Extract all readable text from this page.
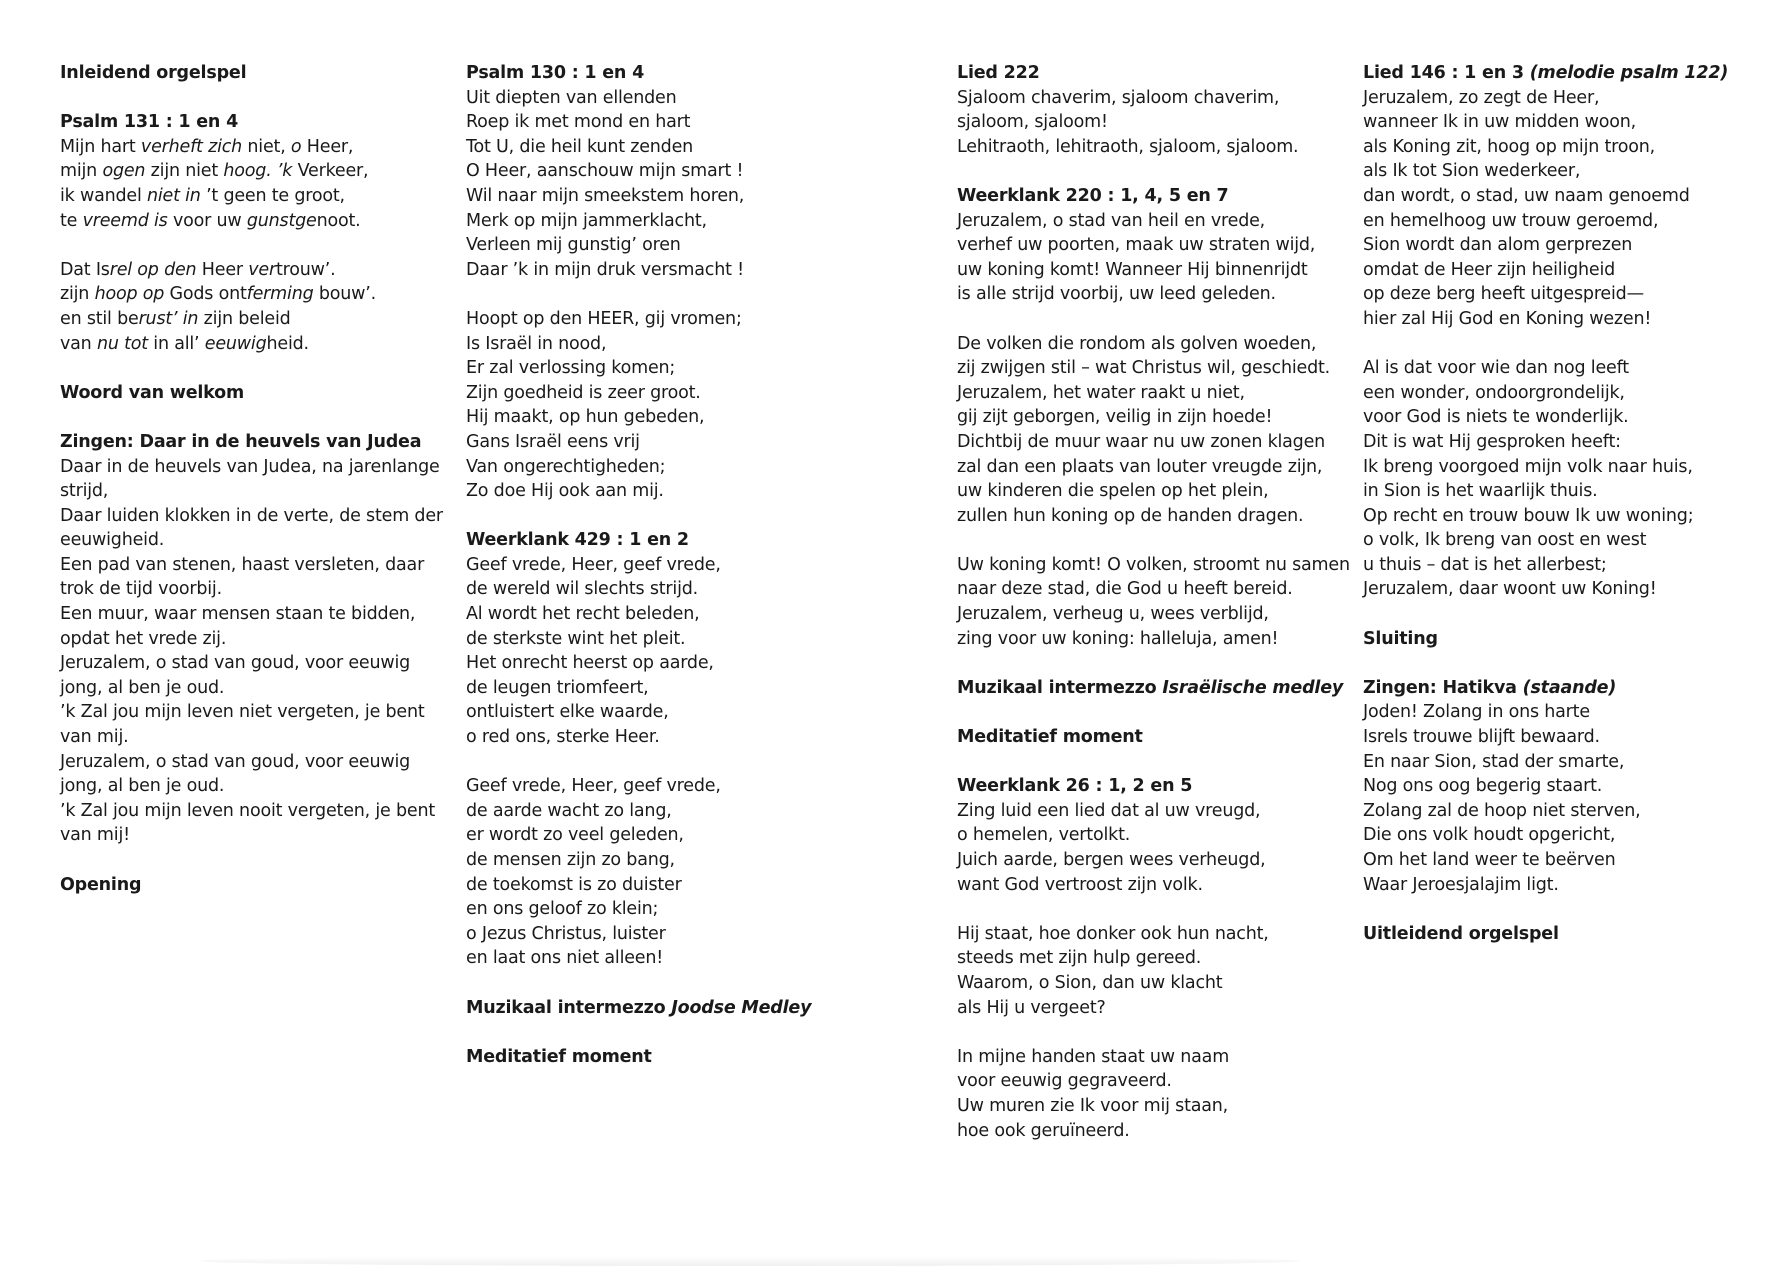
Inleidend orgelspel
Psalm 131 : 1 en 4
Mijn hart verheft zich niet, o Heer,
mijn ogen zijn niet hoog. ’k Verkeer,
ik wandel niet in ’t geen te groot,
te vreemd is voor uw gunstgenoot.
Dat Isrel op den Heer vertrouw’.
zijn hoop op Gods ontferming bouw’.
en stil berust’ in zijn beleid
van nu tot in all’ eeuwigheid.
Woord van welkom
Zingen: Daar in de heuvels van Judea
Daar in de heuvels van Judea, na jarenlange
strijd,
Daar luiden klokken in de verte, de stem der
eeuwigheid.
Een pad van stenen, haast versleten, daar
trok de tijd voorbij.
Een muur, waar mensen staan te bidden,
opdat het vrede zij.
Jeruzalem, o stad van goud, voor eeuwig
jong, al ben je oud.
’k Zal jou mijn leven niet vergeten, je bent
van mij.
Jeruzalem, o stad van goud, voor eeuwig
jong, al ben je oud.
’k Zal jou mijn leven nooit vergeten, je bent
van mij!
Opening
Psalm 130 : 1 en 4
Uit diepten van ellenden
Roep ik met mond en hart
Tot U, die heil kunt zenden
O Heer, aanschouw mijn smart !
Wil naar mijn smeekstem horen,
Merk op mijn jammerklacht,
Verleen mij gunstig’ oren
Daar ’k in mijn druk versmacht !
Hoopt op den HEER, gij vromen;
Is Israël in nood,
Er zal verlossing komen;
Zijn goedheid is zeer groot.
Hij maakt, op hun gebeden,
Gans Israël eens vrij
Van ongerechtigheden;
Zo doe Hij ook aan mij.
Weerklank 429 : 1 en 2
Geef vrede, Heer, geef vrede,
de wereld wil slechts strijd.
Al wordt het recht beleden,
de sterkste wint het pleit.
Het onrecht heerst op aarde,
de leugen triomfeert,
ontluistert elke waarde,
o red ons, sterke Heer.
Geef vrede, Heer, geef vrede,
de aarde wacht zo lang,
er wordt zo veel geleden,
de mensen zijn zo bang,
de toekomst is zo duister
en ons geloof zo klein;
o Jezus Christus, luister
en laat ons niet alleen!
Muzikaal intermezzo Joodse Medley
Meditatief moment
Lied 222
Sjaloom chaverim, sjaloom chaverim,
sjaloom, sjaloom!
Lehitraoth, lehitraoth, sjaloom, sjaloom.
Weerklank 220 : 1, 4, 5 en 7
Jeruzalem, o stad van heil en vrede,
verhef uw poorten, maak uw straten wijd,
uw koning komt! Wanneer Hij binnenrijdt
is alle strijd voorbij, uw leed geleden.
De volken die rondom als golven woeden,
zij zwijgen stil – wat Christus wil, geschiedt.
Jeruzalem, het water raakt u niet,
gij zijt geborgen, veilig in zijn hoede!
Dichtbij de muur waar nu uw zonen klagen
zal dan een plaats van louter vreugde zijn,
uw kinderen die spelen op het plein,
zullen hun koning op de handen dragen.
Uw koning komt! O volken, stroomt nu samen
naar deze stad, die God u heeft bereid.
Jeruzalem, verheug u, wees verblijd,
zing voor uw koning: halleluja, amen!
Muzikaal intermezzo Israëlische medley
Meditatief moment
Weerklank 26 : 1, 2 en 5
Zing luid een lied dat al uw vreugd,
o hemelen, vertolkt.
Juich aarde, bergen wees verheugd,
want God vertroost zijn volk.
Hij staat, hoe donker ook hun nacht,
steeds met zijn hulp gereed.
Waarom, o Sion, dan uw klacht
als Hij u vergeet?
In mijne handen staat uw naam
voor eeuwig gegraveerd.
Uw muren zie Ik voor mij staan,
hoe ook geruïneerd.
Lied 146 : 1 en 3 (melodie psalm 122)
Jeruzalem, zo zegt de Heer,
wanneer Ik in uw midden woon,
als Koning zit, hoog op mijn troon,
als Ik tot Sion wederkeer,
dan wordt, o stad, uw naam genoemd
en hemelhoog uw trouw geroemd,
Sion wordt dan alom gerprezen
omdat de Heer zijn heiligheid
op deze berg heeft uitgespreid—
hier zal Hij God en Koning wezen!
Al is dat voor wie dan nog leeft
een wonder, ondoorgrondelijk,
voor God is niets te wonderlijk.
Dit is wat Hij gesproken heeft:
Ik breng voorgoed mijn volk naar huis,
in Sion is het waarlijk thuis.
Op recht en trouw bouw Ik uw woning;
o volk, Ik breng van oost en west
u thuis – dat is het allerbest;
Jeruzalem, daar woont uw Koning!
Sluiting
Zingen: Hatikva (staande)
Joden! Zolang in ons harte
Isrels trouwe blijft bewaard.
En naar Sion, stad der smarte,
Nog ons oog begerig staart.
Zolang zal de hoop niet sterven,
Die ons volk houdt opgericht,
Om het land weer te beërven
Waar Jeroesjalajim ligt.
Uitleidend orgelspel
